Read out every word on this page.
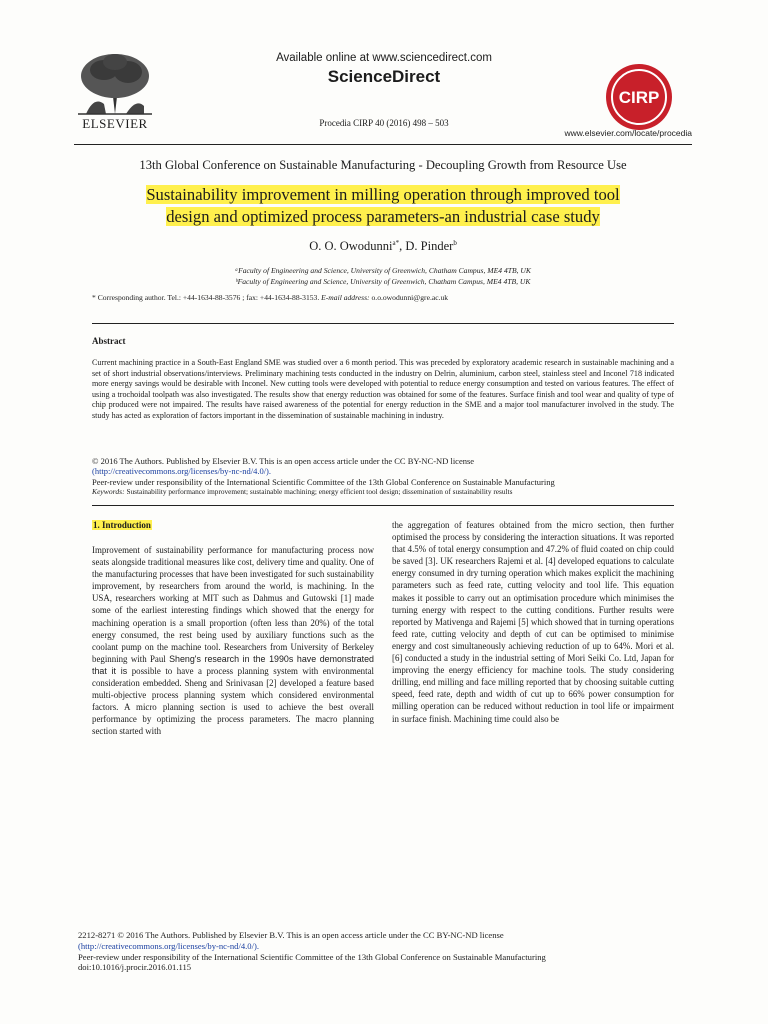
ELSEVIER
Available online at www.sciencedirect.com
ScienceDirect
Procedia CIRP 40 (2016) 498 – 503
CIRP
www.elsevier.com/locate/procedia
13th Global Conference on Sustainable Manufacturing - Decoupling Growth from Resource Use
Sustainability improvement in milling operation through improved tool
design and optimized process parameters-an industrial case study
O. O. Owodunni$^{a*}$, D. Pinder$^b$
ᵃFaculty of Engineering and Science, University of Greenwich, Chatham Campus, ME4 4TB, UK
ᵇFaculty of Engineering and Science, University of Greenwich, Chatham Campus, ME4 4TB, UK
* Corresponding author. Tel.: +44-1634-88-3576 ; fax: +44-1634-88-3153. E-mail address: o.o.owodunni@gre.ac.uk
Abstract
Current machining practice in a South-East England SME was studied over a 6 month period. This was preceded by exploratory academic research in sustainable machining and a set of short industrial observations/interviews. Preliminary machining tests conducted in the industry on Delrin, aluminium, carbon steel, stainless steel and Inconel 718 indicated more energy savings would be desirable with Inconel. New cutting tools were developed with potential to reduce energy consumption and tested on various features. The effect of using a trochoidal toolpath was also investigated. The results show that energy reduction was obtained for some of the features. Surface finish and tool wear and quality of type of chip produced were not impaired. The results have raised awareness of the potential for energy reduction in the SME and a major tool manufacturer involved in the study. The study has acted as exploration of factors important in the dissemination of sustainable machining in industry.
© 2016 The Authors. Published by Elsevier B.V. This is an open access article under the CC BY-NC-ND license
(http://creativecommons.org/licenses/by-nc-nd/4.0/).
Peer-review under responsibility of the International Scientific Committee of the 13th Global Conference on Sustainable Manufacturing
Keywords: Sustainability performance improvement; sustainable machining; energy efficient tool design; dissemination of sustainability results
1. Introduction
Improvement of sustainability performance for manufacturing process now seats alongside traditional measures like cost, delivery time and quality. One of the manufacturing processes that have been investigated for such sustainability improvement, by researchers from around the world, is machining. In the USA, researchers working at MIT such as Dahmus and Gutowski [1] made some of the earliest interesting findings which showed that the energy for machining operation is a small proportion (often less than 20%) of the total energy consumed, the rest being used by auxiliary functions such as the coolant pump on the machine tool. Researchers from University of Berkeley beginning with Paul Sheng's research in the 1990s have demonstrated that it is possible to have a process planning system with environmental consideration embedded. Sheng and Srinivasan [2] developed a feature based multi-objective process planning system which considered environmental factors. A micro planning section is used to achieve the best overall performance by optimizing the process parameters. The macro planning section started with
the aggregation of features obtained from the micro section, then further optimised the process by considering the interaction situations. It was reported that 4.5% of total energy consumption and 47.2% of fluid coated on chip could be saved [3]. UK researchers Rajemi et al. [4] developed equations to calculate energy consumed in dry turning operation which makes explicit the machining parameters such as feed rate, cutting velocity and tool life. This equation makes it possible to carry out an optimisation procedure which minimises the turning energy with respect to the cutting conditions. Further results were reported by Mativenga and Rajemi [5] which showed that in turning operations feed rate, cutting velocity and depth of cut can be optimised to minimise energy and cost simultaneously achieving reduction of up to 64%. Mori et al. [6] conducted a study in the industrial setting of Mori Seiki Co. Ltd, Japan for improving the energy efficiency for machine tools. The study considering drilling, end milling and face milling reported that by choosing suitable cutting speed, feed rate, depth and width of cut up to 66% power consumption for milling operation can be reduced without reduction in tool life or impairment in surface finish. Machining time could also be
2212-8271 © 2016 The Authors. Published by Elsevier B.V. This is an open access article under the CC BY-NC-ND license
(http://creativecommons.org/licenses/by-nc-nd/4.0/).
Peer-review under responsibility of the International Scientific Committee of the 13th Global Conference on Sustainable Manufacturing
doi:10.1016/j.procir.2016.01.115
